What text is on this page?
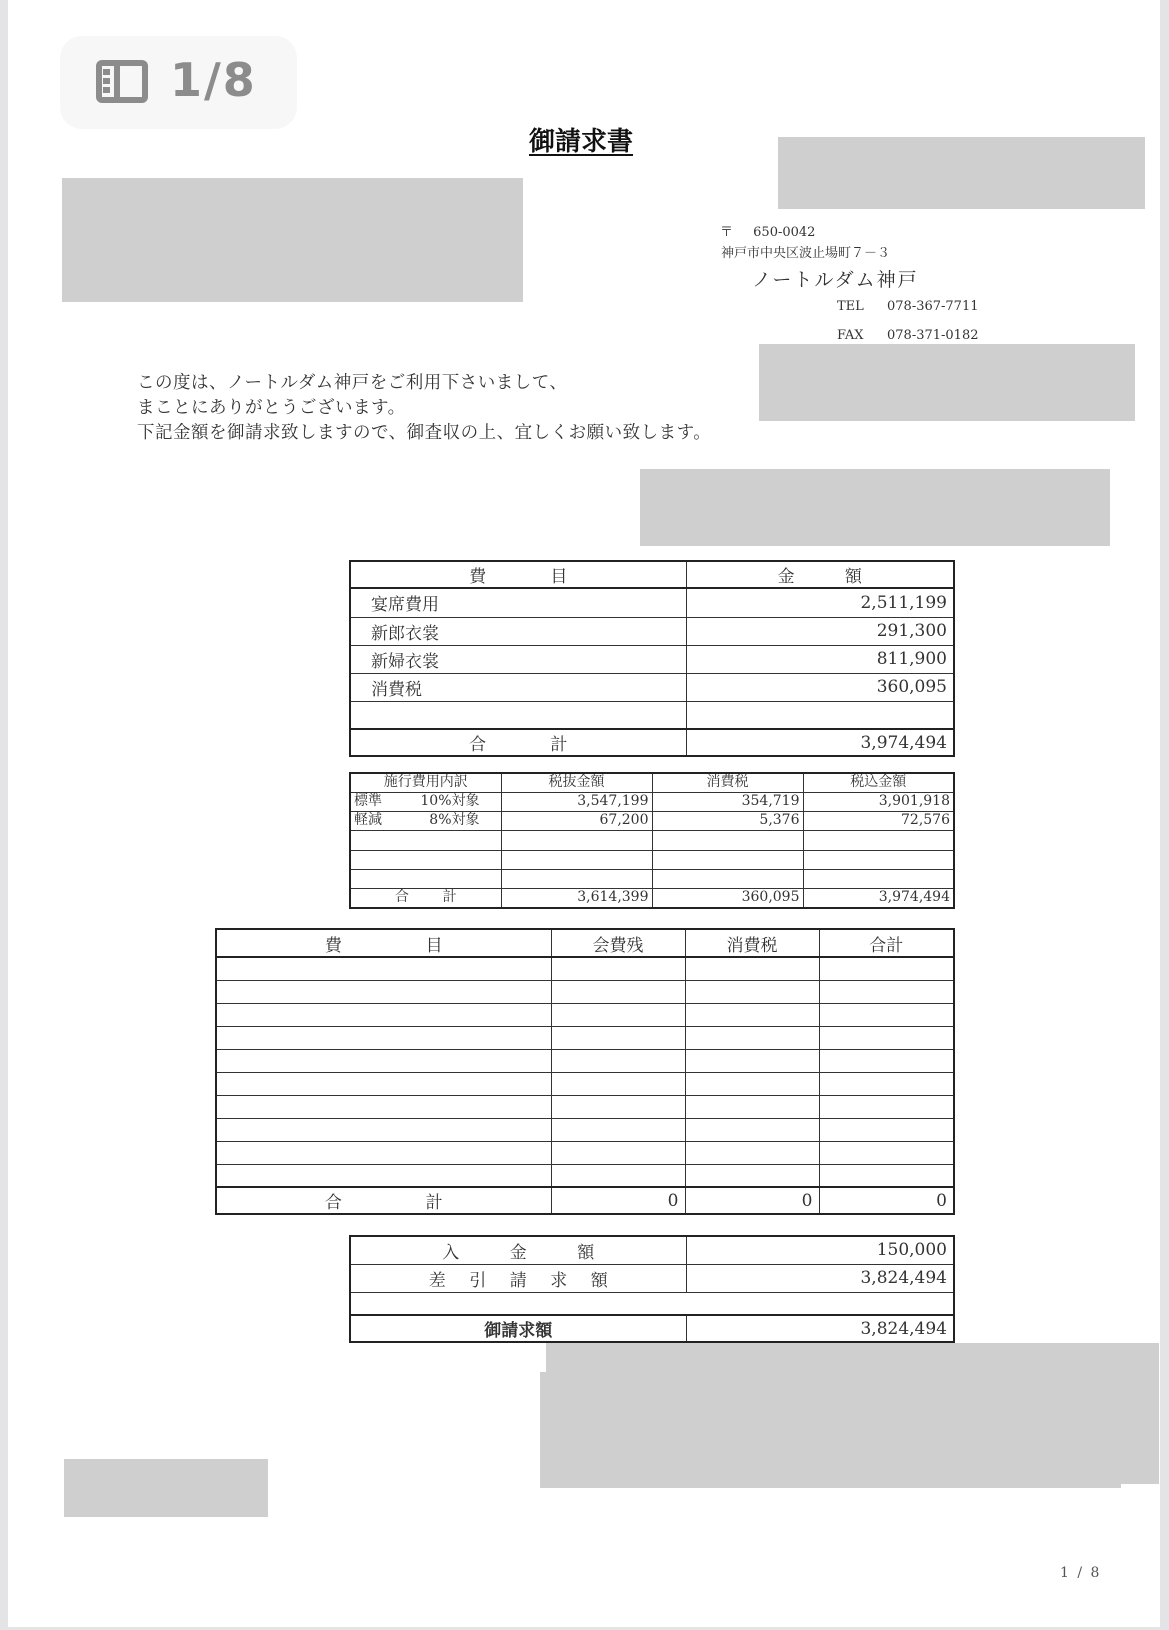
1/8
御請求書
〒 650-0042
神戸市中央区波止場町７－３
ノートルダム神戸
TEL 078-367-7711
FAX 078-371-0182
この度は、ノートルダム神戸をご利用下さいまして、
まことにありがとうございます。
下記金額を御請求致しますので、御査収の上、宜しくお願い致します。
費 目	金 額

宴席費用	2,511,199
新郎衣裳	291,300
新婦衣裳	811,900
消費税	360,095

合 計	3,974,494
施行費用内訳	税抜金額	消費税	税込金額

標準 10%対象	3,547,199	354,719	3,901,918

軽減 8%対象	67,200	5,376	72,576

合 計	3,614,399	360,095	3,974,494
費 目	会費残	消費税	合計

合 計	0	0	0
入 金 額	150,000

差 引 請 求 額	3,824,494

御請求額	3,824,494
1 / 8
